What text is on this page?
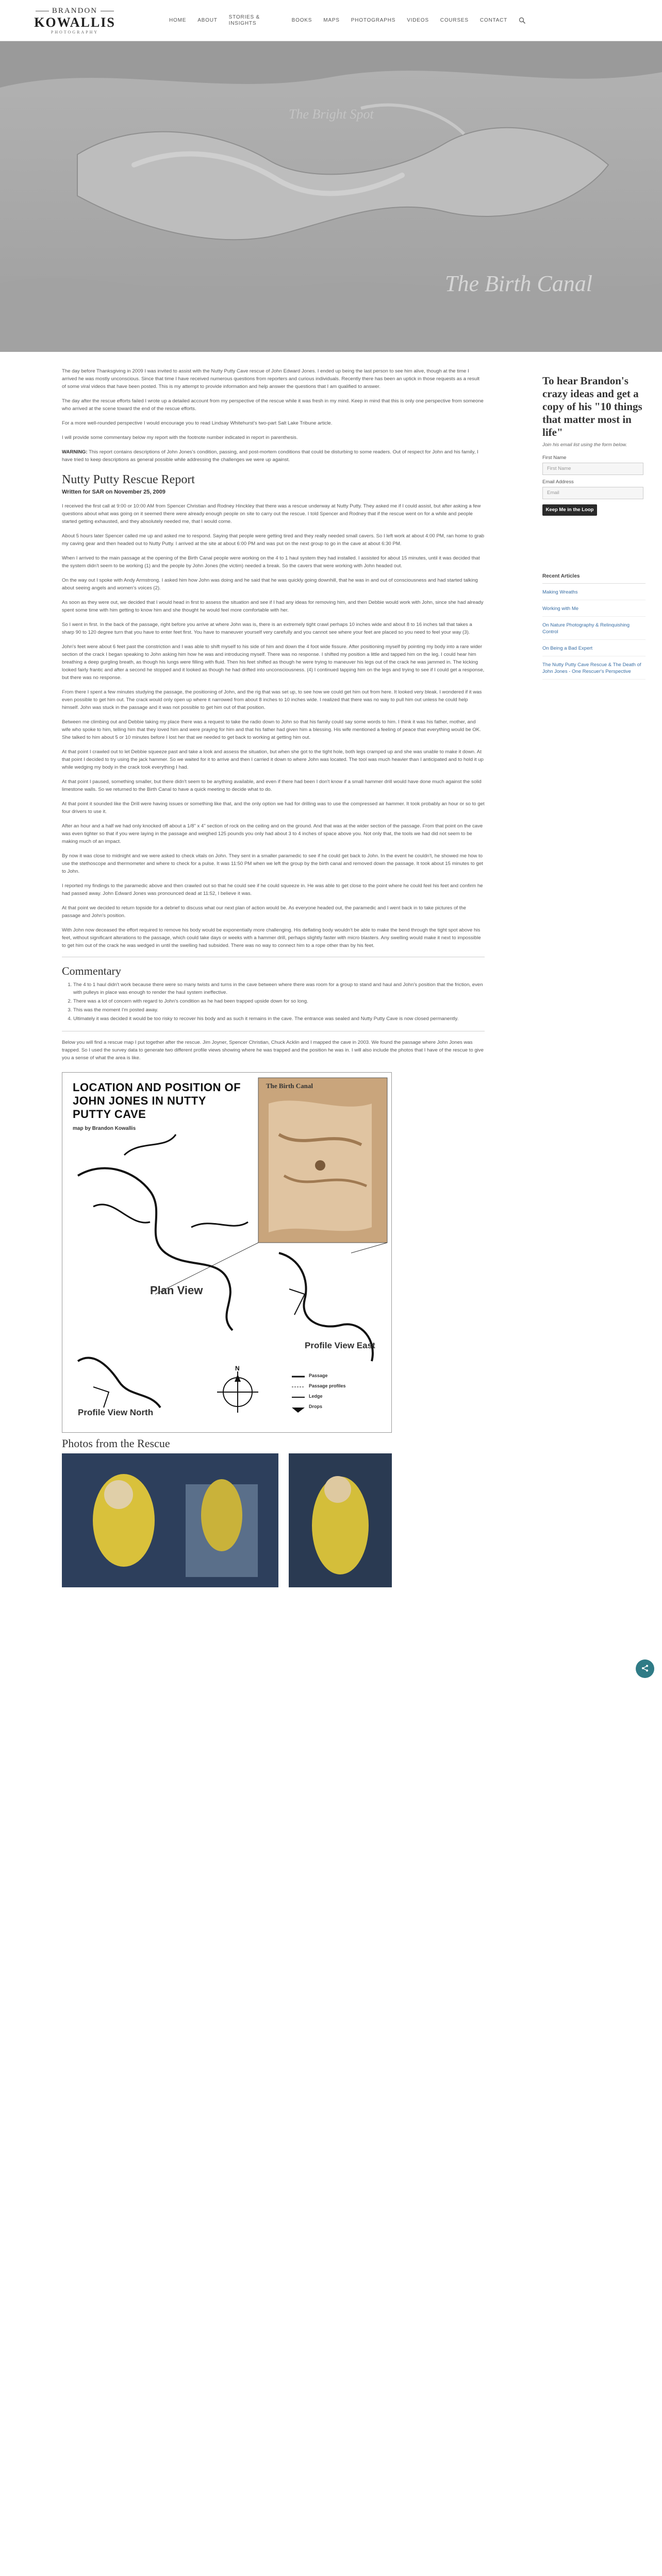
BRANDON
KOWALLIS
PHOTOGRAPHY
HOME ABOUT
STORIES & INSIGHTS
BOOKS MAPS PHOTOGRAPHS VIDEOS COURSES CONTACT
The Bright Spot
The Birth Canal

The day before Thanksgiving in 2009 I was invited to assist with the Nutty Putty Cave rescue of John Edward Jones. I ended up being the last person to see him alive, though at the time I arrived he was mostly unconscious. Since that time I have received numerous questions from reporters and curious individuals. Recently there has been an uptick in those requests as a result of some viral videos that have been posted. This is my attempt to provide information and help answer the questions that I am qualified to answer.

The day after the rescue efforts failed I wrote up a detailed account from my perspective of the rescue while it was fresh in my mind. Keep in mind that this is only one perspective from someone who arrived at the scene toward the end of the rescue efforts.

For a more well-rounded perspective I would encourage you to read Lindsay Whitehurst's two-part Salt Lake Tribune article.

I will provide some commentary below my report with the footnote number indicated in report in parenthesis.

WARNING: This report contains descriptions of John Jones's condition, passing, and post-mortem conditions that could be disturbing to some readers. Out of respect for John and his family, I have tried to keep descriptions as general possible while addressing the challenges we were up against.

Nutty Putty Rescue Report
Written for SAR on November 25, 2009

I received the first call at 9:00 or 10:00 AM from Spencer Christian and Rodney Hinckley that there was a rescue underway at Nutty Putty. They asked me if I could assist, but after asking a few questions about what was going on it seemed there were already enough people on site to carry out the rescue. I told Spencer and Rodney that if the rescue went on for a while and people started getting exhausted, and they absolutely needed me, that I would come.

About 5 hours later Spencer called me up and asked me to respond. Saying that people were getting tired and they really needed small cavers. So I left work at about 4:00 PM, ran home to grab my caving gear and then headed out to Nutty Putty. I arrived at the site at about 6:00 PM and was put on the next group to go in the cave at about 6:30 PM.

When I arrived to the main passage at the opening of the Birth Canal people were working on the 4 to 1 haul system they had installed. I assisted for about 15 minutes, until it was decided that the system didn't seem to be working (1) and the people by John Jones (the victim) needed a break. So the cavers that were working with John headed out.

On the way out I spoke with Andy Armstrong. I asked him how John was doing and he said that he was quickly going downhill, that he was in and out of consciousness and had started talking about seeing angels and women's voices (2).

As soon as they were out, we decided that I would head in first to assess the situation and see if I had any ideas for removing him, and then Debbie would work with John, since she had already spent some time with him getting to know him and she thought he would feel more comfortable with her.

So I went in first. In the back of the passage, right before you arrive at where John was is, there is an extremely tight crawl perhaps 10 inches wide and about 8 to 16 inches tall that takes a sharp 90 to 120 degree turn that you have to enter feet first. You have to maneuver yourself very carefully and you cannot see where your feet are placed so you need to feel your way (3).

John's feet were about 6 feet past the constriction and I was able to shift myself to his side of him and down the 4 foot wide fissure. After positioning myself by pointing my body into a rare wider section of the crack I began speaking to John asking him how he was and introducing myself. There was no response. I shifted my position a little and tapped him on the leg. I could hear him breathing a deep gurgling breath, as though his lungs were filling with fluid. Then his feet shifted as though he were trying to maneuver his legs out of the crack he was jammed in. The kicking looked fairly frantic and after a second he stopped and it looked as though he had drifted into unconsciousness. (4) I continued tapping him on the legs and trying to see if I could get a response, but there was no response.

From there I spent a few minutes studying the passage, the positioning of John, and the rig that was set up, to see how we could get him out from here. It looked very bleak. I wondered if it was even possible to get him out. The crack would only open up where it narrowed from about 8 inches to 10 inches wide. I realized that there was no way to pull him out unless he could help himself. John was stuck in the passage and it was not possible to get him out of that position.

Between me climbing out and Debbie taking my place there was a request to take the radio down to John so that his family could say some words to him. I think it was his father, mother, and wife who spoke to him, telling him that they loved him and were praying for him and that his father had given him a blessing. His wife mentioned a feeling of peace that everything would be OK. She talked to him about 5 or 10 minutes before I lost her that we needed to get back to working at getting him out.

At that point I crawled out to let Debbie squeeze past and take a look and assess the situation, but when she got to the tight hole, both legs cramped up and she was unable to make it down. At that point I decided to try using the jack hammer. So we waited for it to arrive and then I carried it down to where John was located. The tool was much heavier than I anticipated and to hold it up while wedging my body in the crack took everything I had.

At that point I paused, something smaller, but there didn't seem to be anything available, and even if there had been I don't know if a small hammer drill would have done much against the solid limestone walls. So we returned to the Birth Canal to have a quick meeting to decide what to do.

At that point it sounded like the Drill were having issues or something like that, and the only option we had for drilling was to use the compressed air hammer. It took probably an hour or so to get four drivers to use it.

After an hour and a half we had only knocked off about a 1/8" x 4" section of rock on the ceiling and on the ground. And that was at the wider section of the passage. From that point on the cave was even tighter so that if you were laying in the passage and weighed 125 pounds you only had about 3 to 4 inches of space above you. Not only that, the tools we had did not seem to be making much of an impact.

By now it was close to midnight and we were asked to check vitals on John. They sent in a smaller paramedic to see if he could get back to John. In the event he couldn't, he showed me how to use the stethoscope and thermometer and where to check for a pulse. It was 11:50 PM when we left the group by the birth canal and removed down the passage. It took about 15 minutes to get to John.

I reported my findings to the paramedic above and then crawled out so that he could see if he could squeeze in. He was able to get close to the point where he could feel his feet and confirm he had passed away. John Edward Jones was pronounced dead at 11:52, I believe it was.

At that point we decided to return topside for a debrief to discuss what our next plan of action would be. As everyone headed out, the paramedic and I went back in to take pictures of the passage and John's position.

With John now deceased the effort required to remove his body would be exponentially more challenging. His deflating body wouldn't be able to make the bend through the tight spot above his feet, without significant alterations to the passage, which could take days or weeks with a hammer drill, perhaps slightly faster with micro blasters. Any swelling would make it next to impossible to get him out of the crack he was wedged in until the swelling had subsided. There was no way to connect him to a rope other than by his feet.

Commentary
1. The 4 to 1 haul didn't work because there were so many twists and turns in the cave between where there was room for a group to stand and haul and John's position that the friction, even with pulleys in place was enough to render the haul system ineffective.
2. There was a lot of concern with regard to John's condition as he had been trapped upside down for so long.
3. This was the moment I'm posted away.
4. Ultimately it was decided it would be too risky to recover his body and as such it remains in the cave. The entrance was sealed and Nutty Putty Cave is now closed permanently.

Below you will find a rescue map I put together after the rescue. Jim Joyner, Spencer Christian, Chuck Acklin and I mapped the cave in 2003. We found the passage where John Jones was trapped. So I used the survey data to generate two different profile views showing where he was trapped and the position he was in. I will also include the photos that I have of the rescue to give you a sense of what the area is like.

LOCATION AND POSITION OF JOHN JONES IN NUTTY PUTTY CAVE
map by Brandon Kowallis
N
The Birth Canal
Plan View
Profile View East
Profile View North
Passage
Passage profiles
Ledge
Drops
Photos from the Rescue
To hear Brandon's crazy ideas and get a copy of his "10 things that matter most in life"
Join his email list using the form below.
First Name
First Name
Email Address
Email
Keep Me in the Loop
Recent Articles
Making Wreaths
Working with Me
On Nature Photography & Relinquishing Control
On Being a Bad Expert
The Nutty Putty Cave Rescue & The Death of John Jones - One Rescuer's Perspective
